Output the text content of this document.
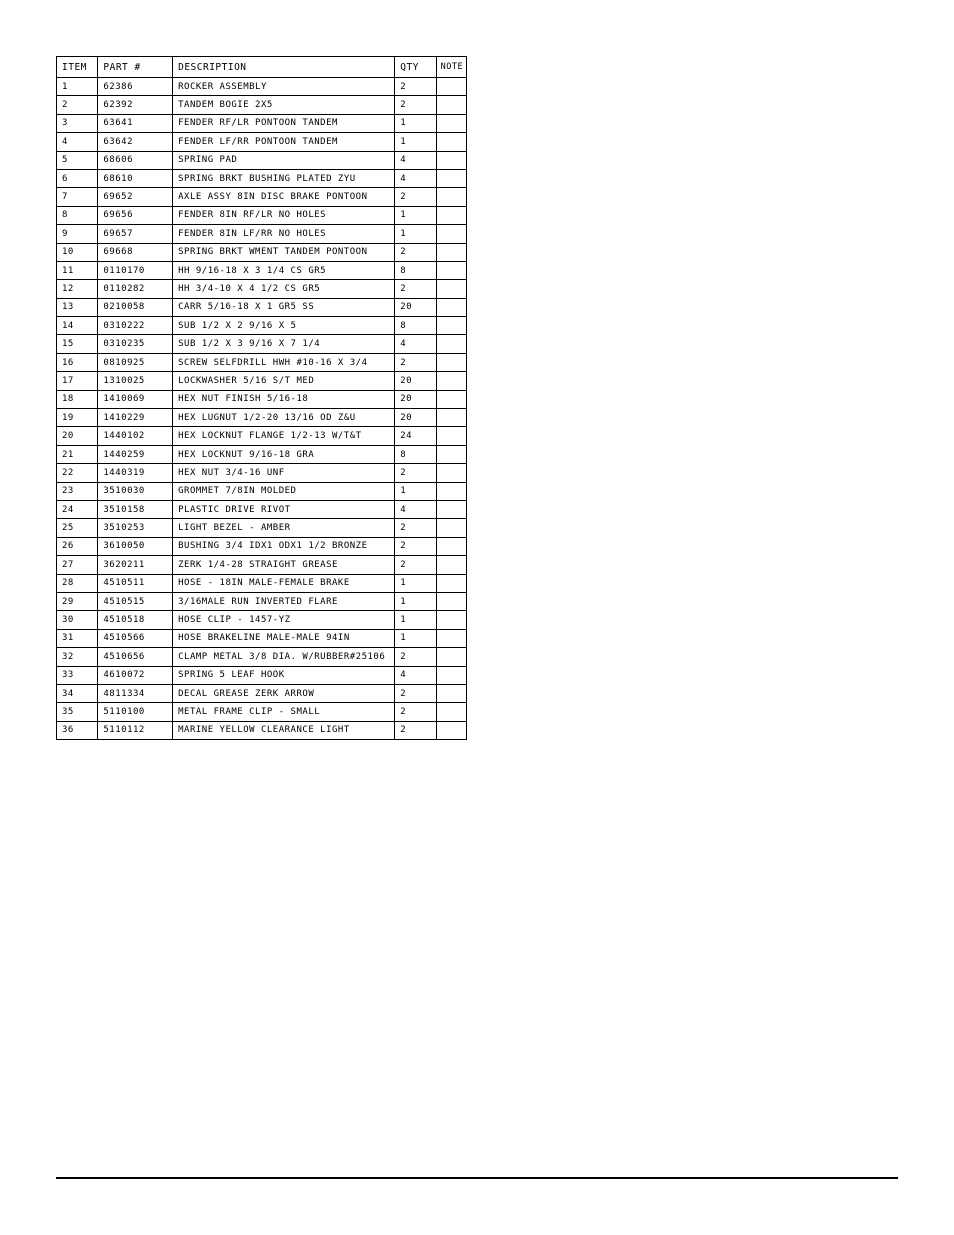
ITEM	PART #	DESCRIPTION	QTY	NOTE
1	62386	ROCKER ASSEMBLY	2	
2	62392	TANDEM BOGIE 2X5	2	
3	63641	FENDER RF/LR PONTOON TANDEM	1	
4	63642	FENDER LF/RR PONTOON TANDEM	1	
5	68606	SPRING PAD	4	
6	68610	SPRING BRKT BUSHING PLATED ZYU	4	
7	69652	AXLE ASSY 8IN DISC BRAKE PONTOON	2	
8	69656	FENDER 8IN RF/LR NO HOLES	1	
9	69657	FENDER 8IN LF/RR NO HOLES	1	
10	69668	SPRING BRKT WMENT TANDEM PONTOON	2	
11	0110170	HH 9/16-18 X 3 1/4 CS GR5	8	
12	0110282	HH 3/4-10 X 4 1/2 CS GR5	2	
13	0210058	CARR 5/16-18 X 1 GR5 SS	20	
14	0310222	SUB 1/2 X 2 9/16 X 5	8	
15	0310235	SUB 1/2 X 3 9/16 X 7 1/4	4	
16	0810925	SCREW SELFDRILL HWH #10-16 X 3/4	2	
17	1310025	LOCKWASHER 5/16 S/T MED	20	
18	1410069	HEX NUT FINISH 5/16-18	20	
19	1410229	HEX LUGNUT 1/2-20 13/16 OD Z&U	20	
20	1440102	HEX LOCKNUT FLANGE 1/2-13 W/T&T	24	
21	1440259	HEX LOCKNUT 9/16-18 GRA	8	
22	1440319	HEX NUT 3/4-16 UNF	2	
23	3510030	GROMMET 7/8IN MOLDED	1	
24	3510158	PLASTIC DRIVE RIVOT	4	
25	3510253	LIGHT BEZEL - AMBER	2	
26	3610050	BUSHING 3/4 IDX1 ODX1 1/2 BRONZE	2	
27	3620211	ZERK 1/4-28 STRAIGHT GREASE	2	
28	4510511	HOSE - 18IN MALE-FEMALE BRAKE	1	
29	4510515	3/16MALE RUN INVERTED FLARE	1	
30	4510518	HOSE CLIP - 1457-YZ	1	
31	4510566	HOSE BRAKELINE MALE-MALE 94IN	1	
32	4510656	CLAMP METAL 3/8 DIA. W/RUBBER#25106	2	
33	4610072	SPRING 5 LEAF HOOK	4	
34	4811334	DECAL GREASE ZERK ARROW	2	
35	5110100	METAL FRAME CLIP - SMALL	2	
36	5110112	MARINE YELLOW CLEARANCE LIGHT	2	
